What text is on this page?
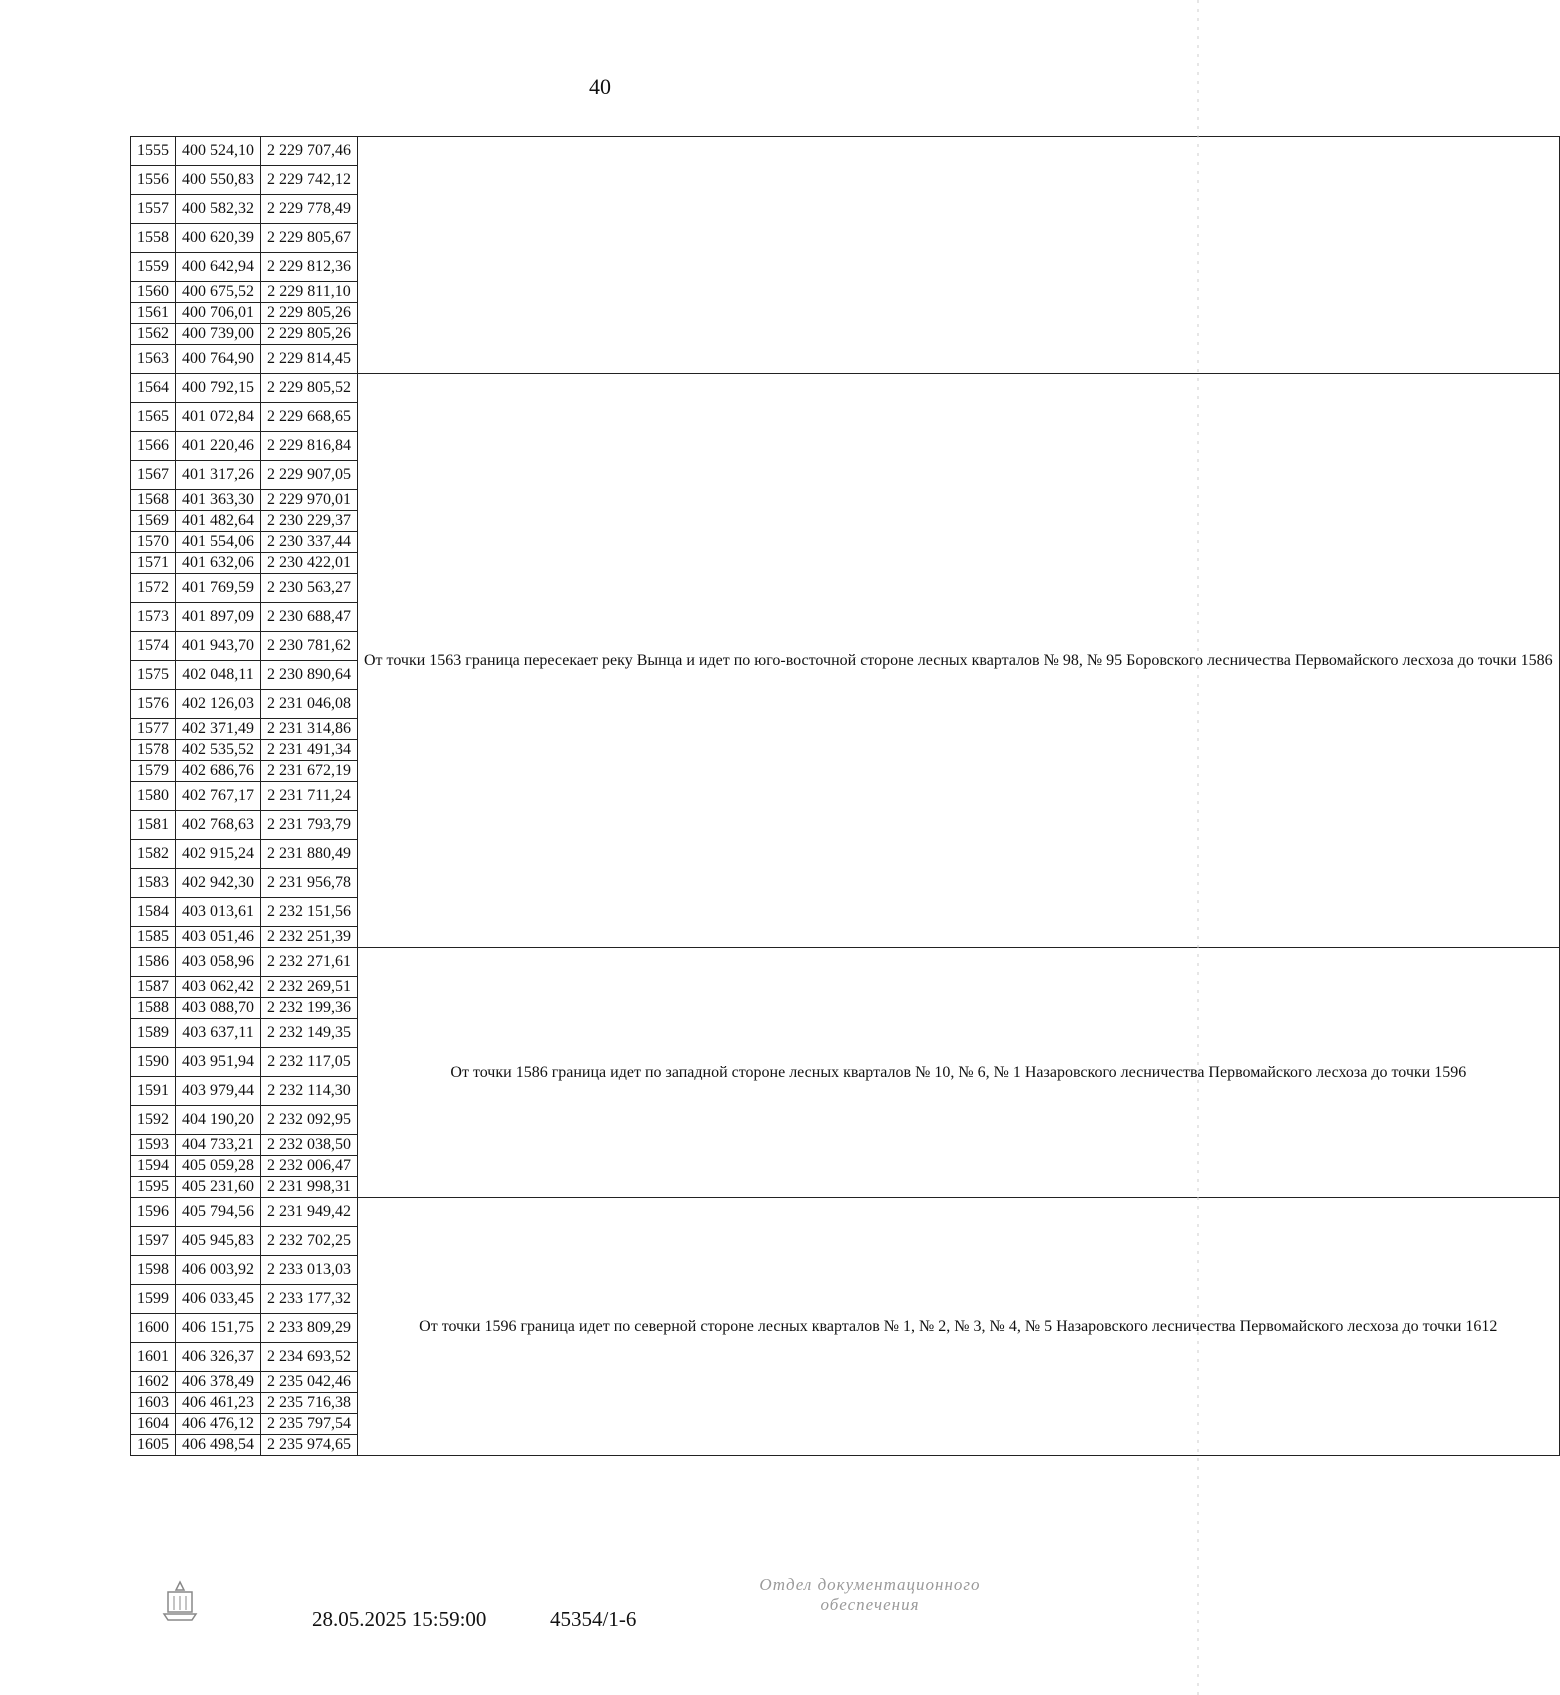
40
1555	400 524,10	2 229 707,46	
1556	400 550,83	2 229 742,12	
1557	400 582,32	2 229 778,49	
1558	400 620,39	2 229 805,67	
1559	400 642,94	2 229 812,36	
1560	400 675,52	2 229 811,10	
1561	400 706,01	2 229 805,26	
1562	400 739,00	2 229 805,26	
1563	400 764,90	2 229 814,45	
1564	400 792,15	2 229 805,52	От точки 1563 граница пересекает реку Вынца и идет по юго-восточной стороне лесных кварталов № 98, № 95 Боровского лесничества Первомайского лесхоза до точки 1586
1565	401 072,84	2 229 668,65	
1566	401 220,46	2 229 816,84	
1567	401 317,26	2 229 907,05	
1568	401 363,30	2 229 970,01	
1569	401 482,64	2 230 229,37	
1570	401 554,06	2 230 337,44	
1571	401 632,06	2 230 422,01	
1572	401 769,59	2 230 563,27	
1573	401 897,09	2 230 688,47	
1574	401 943,70	2 230 781,62	
1575	402 048,11	2 230 890,64	
1576	402 126,03	2 231 046,08	
1577	402 371,49	2 231 314,86	
1578	402 535,52	2 231 491,34	
1579	402 686,76	2 231 672,19	
1580	402 767,17	2 231 711,24	
1581	402 768,63	2 231 793,79	
1582	402 915,24	2 231 880,49	
1583	402 942,30	2 231 956,78	
1584	403 013,61	2 232 151,56	
1585	403 051,46	2 232 251,39	
1586	403 058,96	2 232 271,61	От точки 1586 граница идет по западной стороне лесных кварталов № 10, № 6, № 1 Назаровского лесничества Первомайского лесхоза до точки 1596
1587	403 062,42	2 232 269,51	
1588	403 088,70	2 232 199,36	
1589	403 637,11	2 232 149,35	
1590	403 951,94	2 232 117,05	
1591	403 979,44	2 232 114,30	
1592	404 190,20	2 232 092,95	
1593	404 733,21	2 232 038,50	
1594	405 059,28	2 232 006,47	
1595	405 231,60	2 231 998,31	
1596	405 794,56	2 231 949,42	От точки 1596 граница идет по северной стороне лесных кварталов № 1, № 2, № 3, № 4, № 5 Назаровского лесничества Первомайского лесхоза до точки 1612
1597	405 945,83	2 232 702,25	
1598	406 003,92	2 233 013,03	
1599	406 033,45	2 233 177,32	
1600	406 151,75	2 233 809,29	
1601	406 326,37	2 234 693,52	
1602	406 378,49	2 235 042,46	
1603	406 461,23	2 235 716,38	
1604	406 476,12	2 235 797,54	
1605	406 498,54	2 235 974,65	
28.05.2025 15:59:00	45354/1-6
Отдел документационного обеспечения
